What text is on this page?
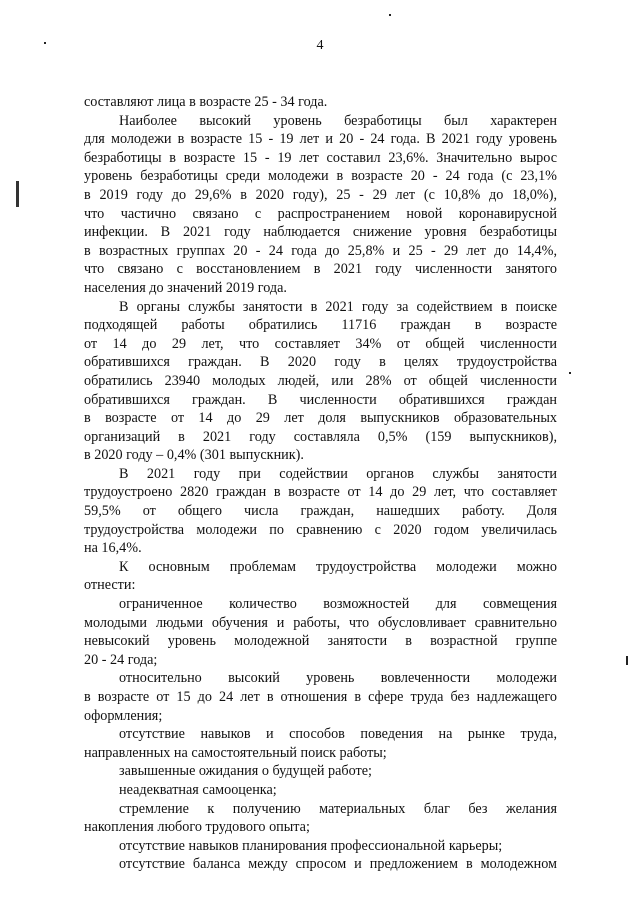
4
составляют лица в возрасте 25 - 34 года.
Наиболее высокий уровень безработицы был характерен
для молодежи в возрасте 15 - 19 лет и 20 - 24 года. В 2021 году уровень
безработицы в возрасте 15 - 19 лет составил 23,6%. Значительно вырос
уровень безработицы среди молодежи в возрасте 20 - 24 года (с 23,1%
в 2019 году до 29,6% в 2020 году), 25 - 29 лет (с 10,8% до 18,0%),
что частично связано с распространением новой коронавирусной
инфекции. В 2021 году наблюдается снижение уровня безработицы
в возрастных группах 20 - 24 года до 25,8% и 25 - 29 лет до 14,4%,
что связано с восстановлением в 2021 году численности занятого
населения до значений 2019 года.
В органы службы занятости в 2021 году за содействием в поиске
подходящей работы обратились 11716 граждан в возрасте
от 14 до 29 лет, что составляет 34% от общей численности
обратившихся граждан. В 2020 году в целях трудоустройства
обратились 23940 молодых людей, или 28% от общей численности
обратившихся граждан. В численности обратившихся граждан
в возрасте от 14 до 29 лет доля выпускников образовательных
организаций в 2021 году составляла 0,5% (159 выпускников),
в 2020 году – 0,4% (301 выпускник).
В 2021 году при содействии органов службы занятости
трудоустроено 2820 граждан в возрасте от 14 до 29 лет, что составляет
59,5% от общего числа граждан, нашедших работу. Доля
трудоустройства молодежи по сравнению с 2020 годом увеличилась
на 16,4%.
К основным проблемам трудоустройства молодежи можно
отнести:
ограниченное количество возможностей для совмещения
молодыми людьми обучения и работы, что обусловливает сравнительно
невысокий уровень молодежной занятости в возрастной группе
20 - 24 года;
относительно высокий уровень вовлеченности молодежи
в возрасте от 15 до 24 лет в отношения в сфере труда без надлежащего
оформления;
отсутствие навыков и способов поведения на рынке труда,
направленных на самостоятельный поиск работы;
завышенные ожидания о будущей работе;
неадекватная самооценка;
стремление к получению материальных благ без желания
накопления любого трудового опыта;
отсутствие навыков планирования профессиональной карьеры;
отсутствие баланса между спросом и предложением в молодежном
